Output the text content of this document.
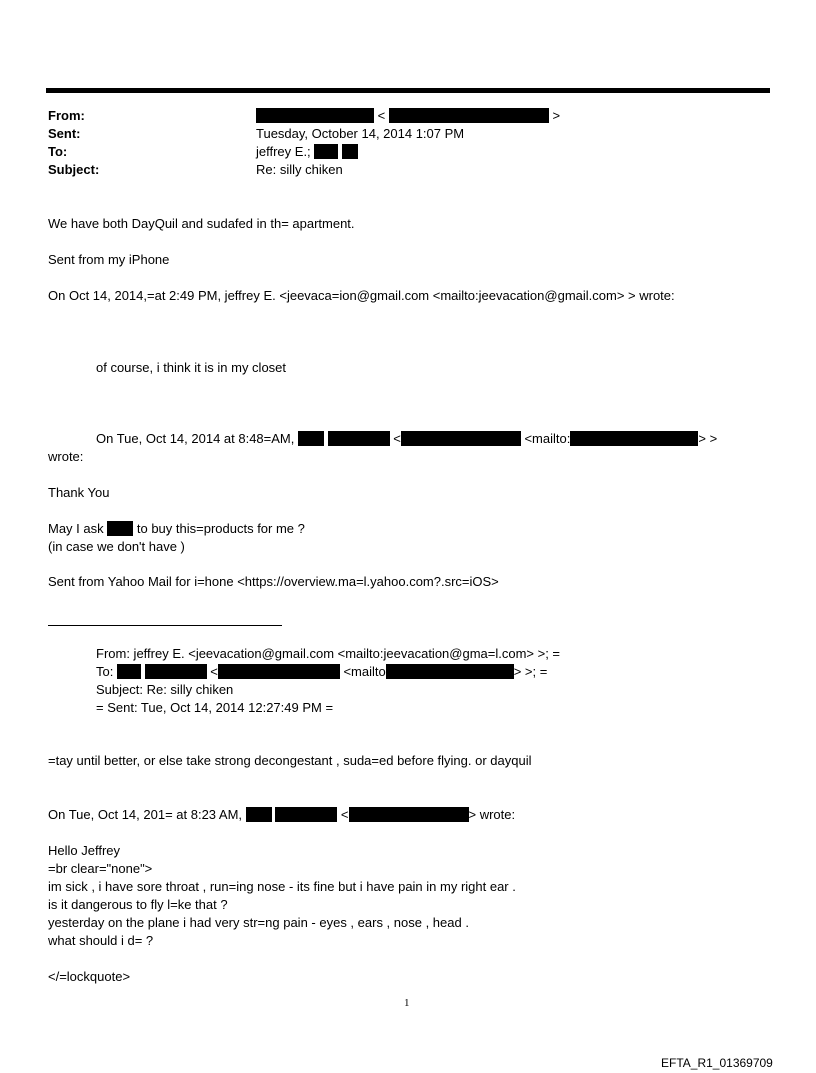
From:	<	>
Sent:	Tuesday, October 14, 2014 1:07 PM
To:	jeffrey E.;
Subject:	Re: silly chiken
We have both DayQuil and sudafed in th= apartment.
Sent from my iPhone
On Oct 14, 2014,=at 2:49 PM, jeffrey E. <jeevaca=ion@gmail.com <mailto:jeevacation@gmail.com> > wrote:
of course, i think it is in my closet
On Tue, Oct 14, 2014 at 8:48=AM,	<	<mailto:	> >
wrote:
Thank You
May I ask	to buy this=products for me ?
(in case we don't have )
Sent from Yahoo Mail for i=hone <https://overview.ma=l.yahoo.com?.src=iOS>
From: jeffrey E. <jeevacation@gmail.com <mailto:jeevacation@gma=l.com> >; =
To:	<	<mailto	> >; =
Subject: Re: silly chiken
= Sent: Tue, Oct 14, 2014 12:27:49 PM =
=tay until better, or else take strong decongestant , suda=ed before flying. or dayquil
On Tue, Oct 14, 201= at 8:23 AM,	<	> wrote:
Hello Jeffrey
=br clear="none">
im sick , i have sore throat , run=ing nose - its fine but i have pain in my right ear .
is it dangerous to fly l=ke that ?
yesterday on the plane i had very str=ng pain - eyes , ears , nose , head .
what should i d= ?
</=lockquote>
1
EFTA_R1_01369709
